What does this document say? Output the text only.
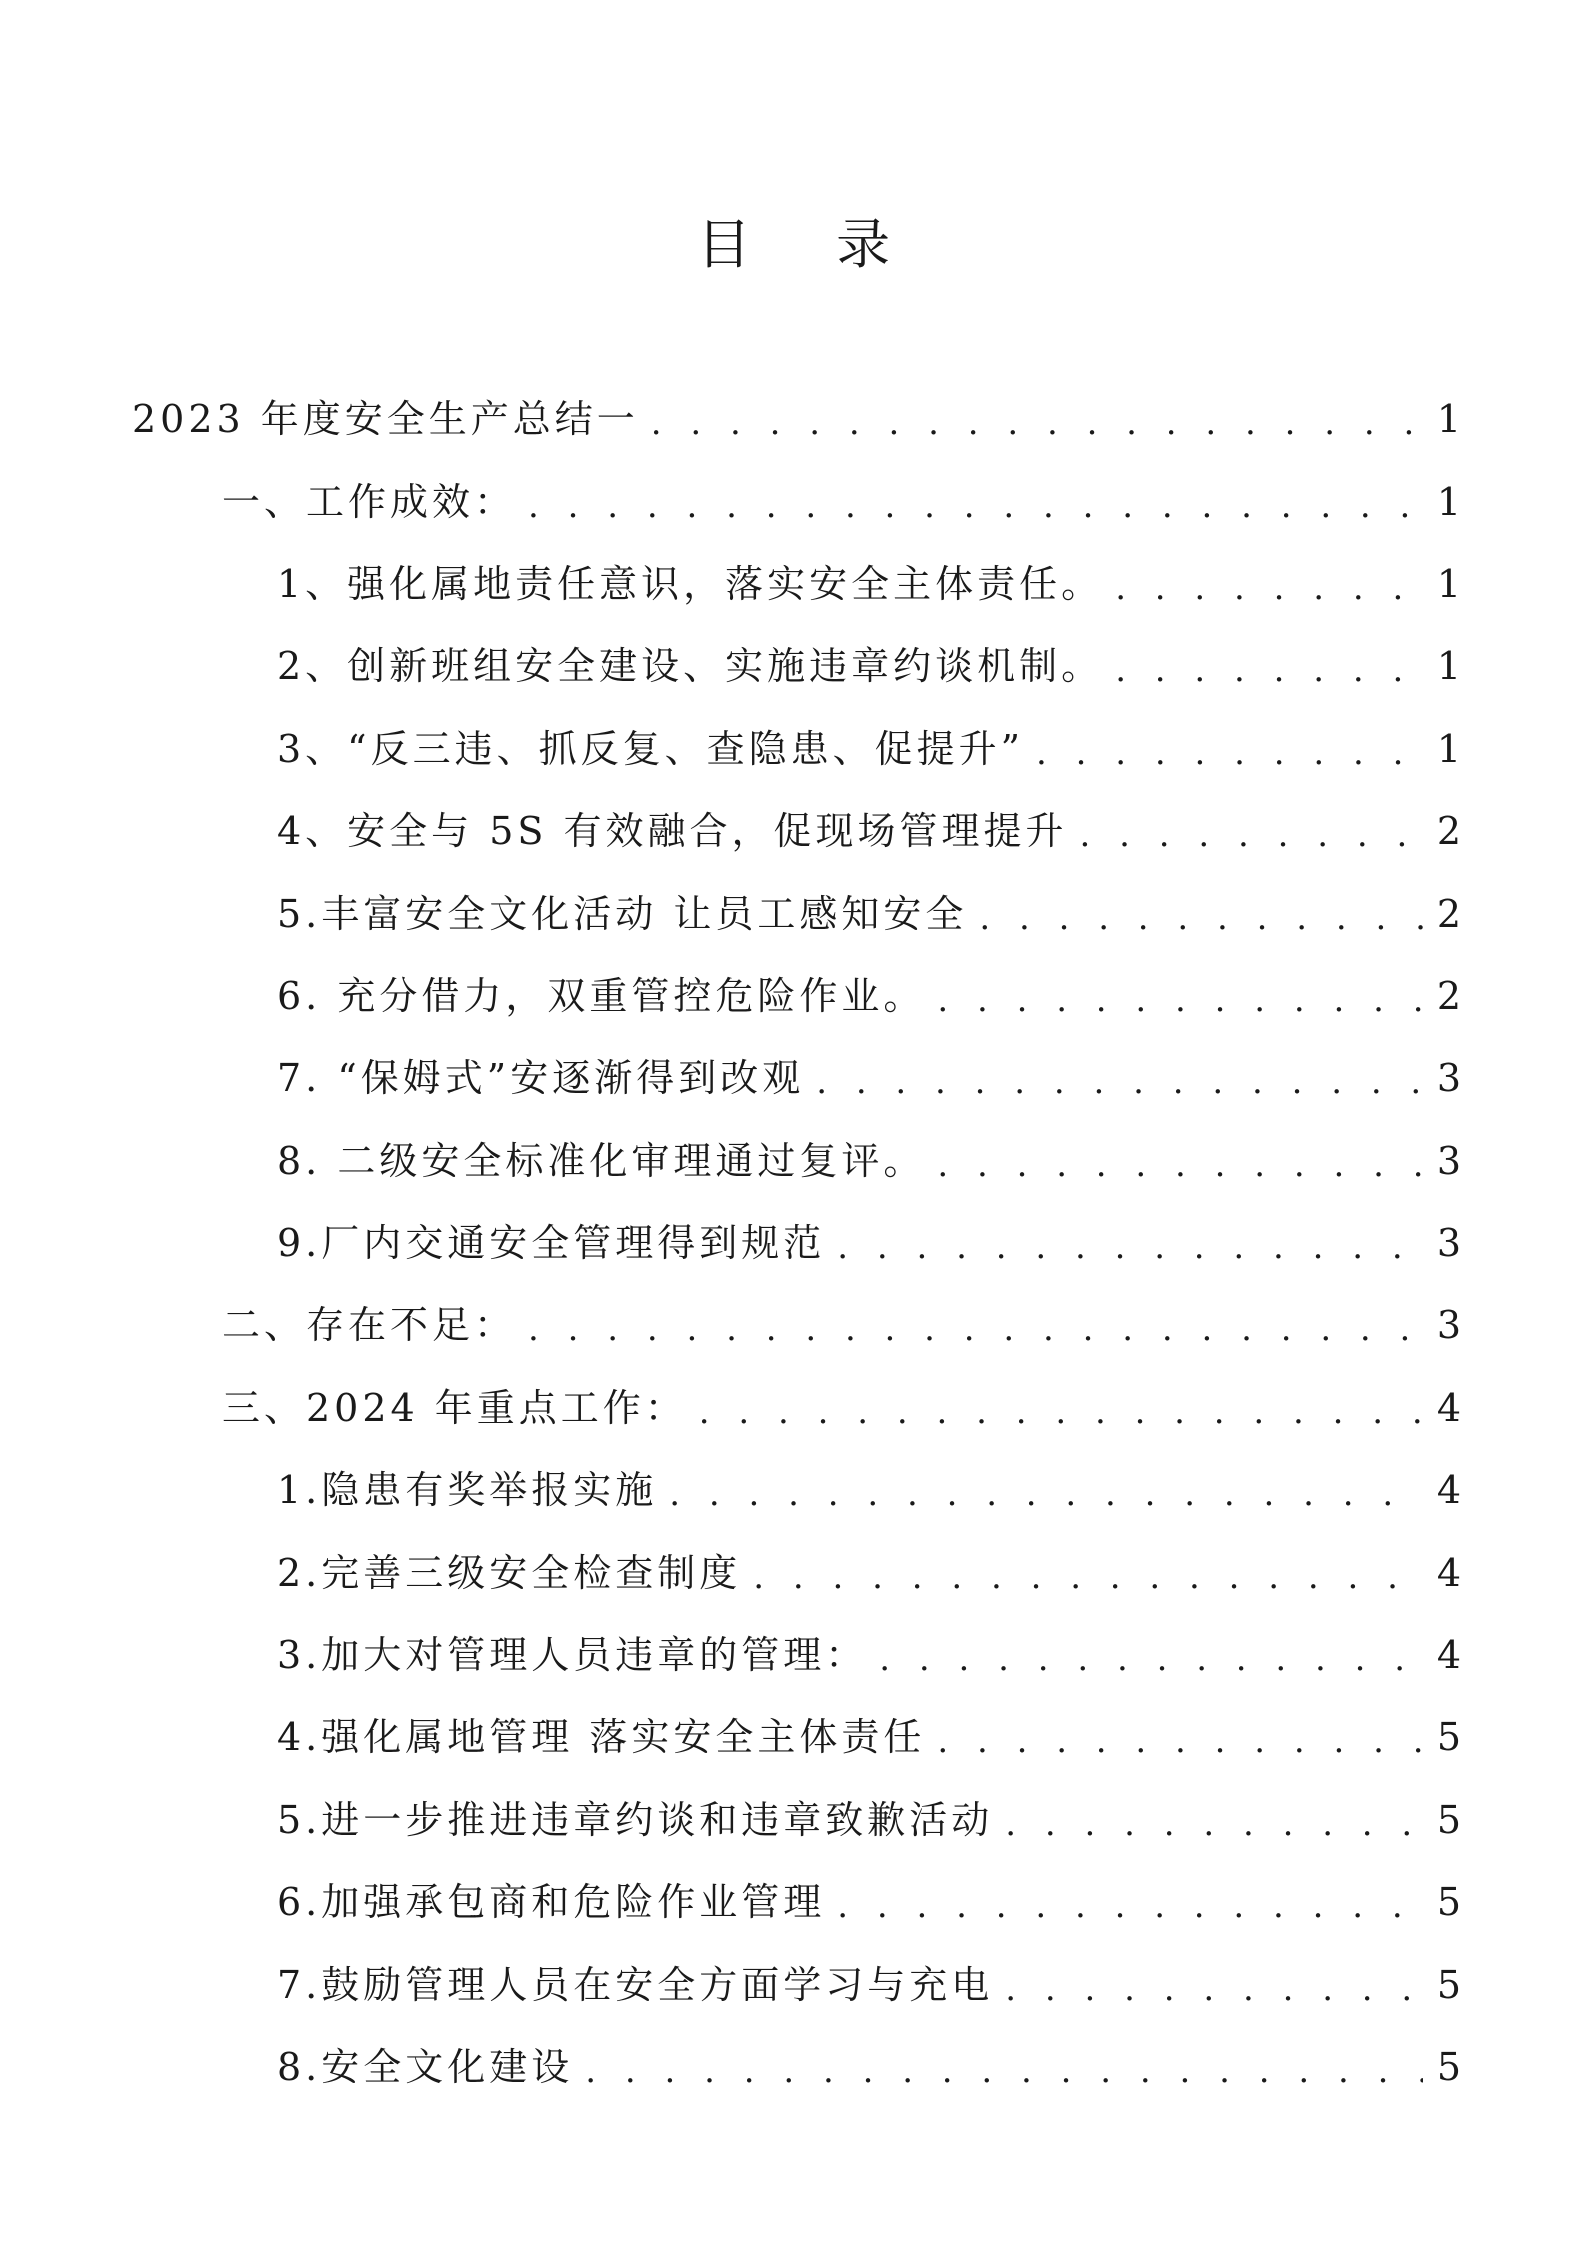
目 录
2023 年度安全生产总结一 . . .	1
一、工作成效： . . .	1
1、强化属地责任意识，落实安全主体责任。 . . .	1
2、创新班组安全建设、实施违章约谈机制。 . . .	1
3、“反三违、抓反复、查隐患、促提升” . . .	1
4、安全与 5S 有效融合，促现场管理提升 . . .	2
5.丰富安全文化活动 让员工感知安全 . . .	2
6. 充分借力，双重管控危险作业。 . . .	2
7. “保姆式”安逐渐得到改观 . . .	3
8. 二级安全标准化审理通过复评。 . . .	3
9.厂内交通安全管理得到规范 . . .	3
二、存在不足： . . .	3
三、2024 年重点工作： . . .	4
1.隐患有奖举报实施 . . .	4
2.完善三级安全检查制度 . . .	4
3.加大对管理人员违章的管理： . . .	4
4.强化属地管理 落实安全主体责任 . . .	5
5.进一步推进违章约谈和违章致歉活动 . . .	5
6.加强承包商和危险作业管理 . . .	5
7.鼓励管理人员在安全方面学习与充电 . . .	5
8.安全文化建设 . . .	5
